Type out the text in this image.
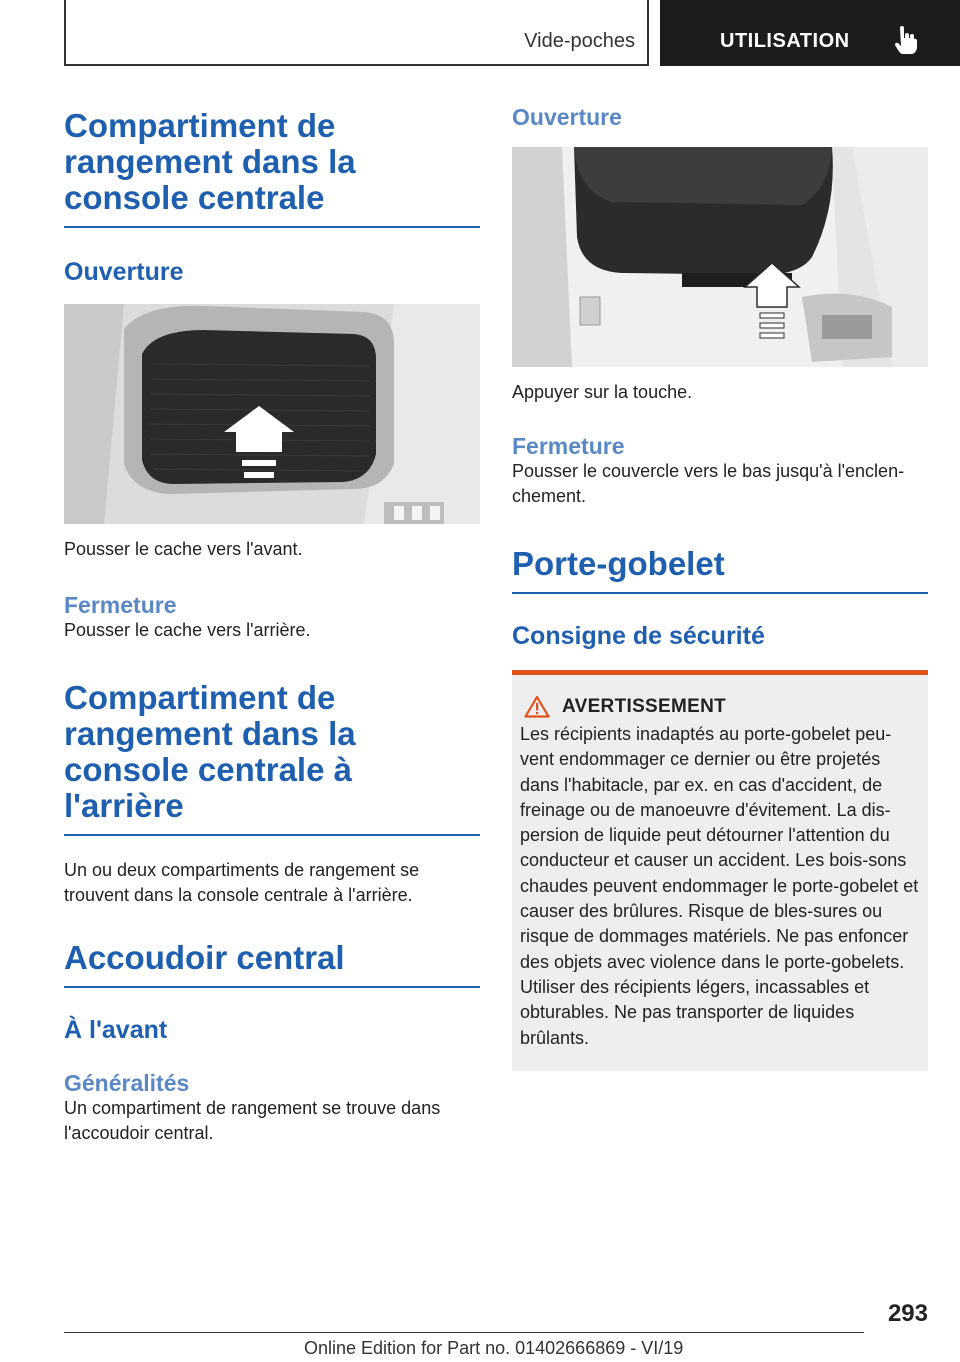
Vide-poches	UTILISATION
Compartiment de rangement dans la console centrale
Ouverture
Pousser le cache vers l'avant.
Fermeture
Pousser le cache vers l'arrière.
Compartiment de rangement dans la console centrale à l'arrière
Un ou deux compartiments de rangement se trouvent dans la console centrale à l'arrière.
Accoudoir central
À l'avant
Généralités
Un compartiment de rangement se trouve dans l'accoudoir central.
Ouverture
Appuyer sur la touche.
Fermeture
Pousser le couvercle vers le bas jusqu'à l'enclen-chement.
Porte-gobelet
Consigne de sécurité
AVERTISSEMENT
Les récipients inadaptés au porte-gobelet peu-vent endommager ce dernier ou être projetés dans l'habitacle, par ex. en cas d'accident, de freinage ou de manoeuvre d'évitement. La dis-persion de liquide peut détourner l'attention du conducteur et causer un accident. Les bois-sons chaudes peuvent endommager le porte-gobelet et causer des brûlures. Risque de bles-sures ou risque de dommages matériels. Ne pas enfoncer des objets avec violence dans le porte-gobelets. Utiliser des récipients légers, incassables et obturables. Ne pas transporter de liquides brûlants.
293
Online Edition for Part no. 01402666869 - VI/19
